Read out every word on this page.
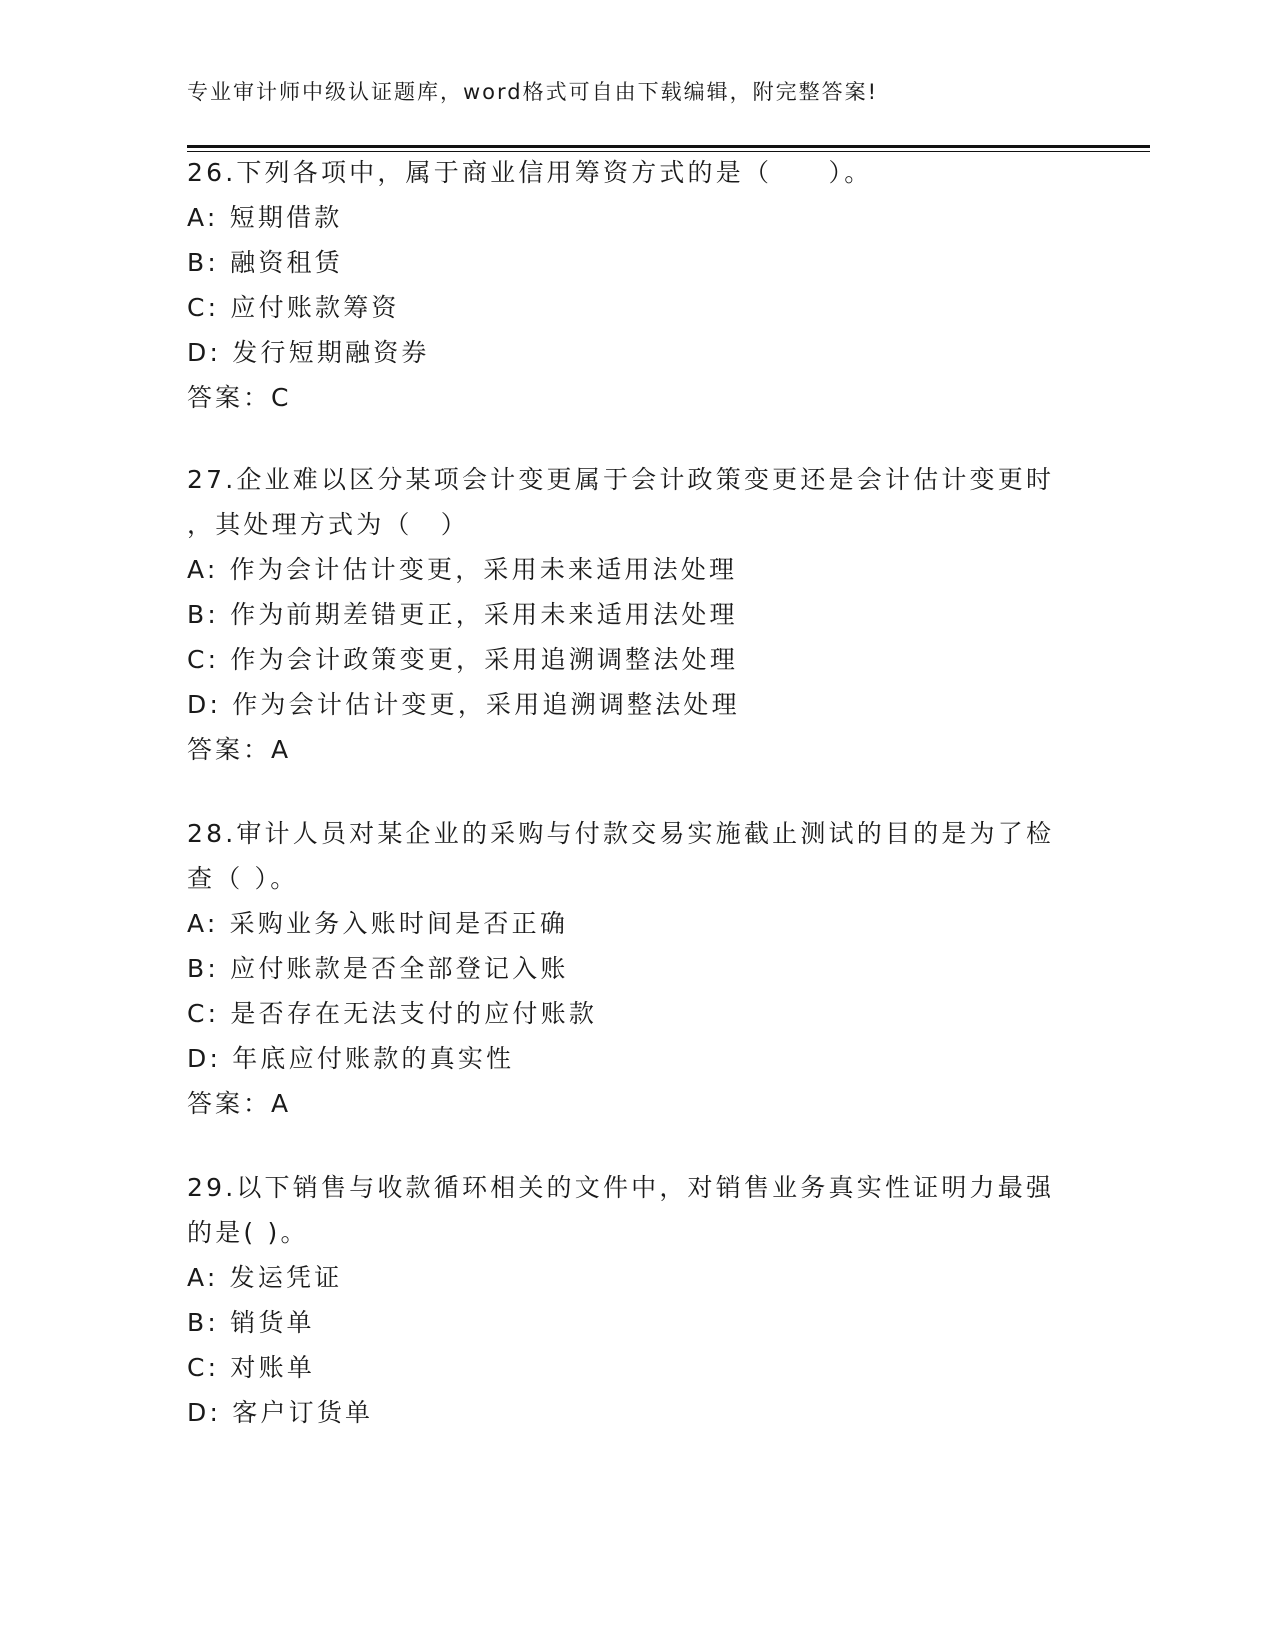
专业审计师中级认证题库，word格式可自由下载编辑，附完整答案!
26.下列各项中，属于商业信用筹资方式的是（　　）。
A: 短期借款
B: 融资租赁
C: 应付账款筹资
D: 发行短期融资券
答案：C
27.企业难以区分某项会计变更属于会计政策变更还是会计估计变更时
，其处理方式为（　）
A: 作为会计估计变更，采用未来适用法处理
B: 作为前期差错更正，采用未来适用法处理
C: 作为会计政策变更，采用追溯调整法处理
D: 作为会计估计变更，采用追溯调整法处理
答案：A
28.审计人员对某企业的采购与付款交易实施截止测试的目的是为了检
查（ ）。
A: 采购业务入账时间是否正确
B: 应付账款是否全部登记入账
C: 是否存在无法支付的应付账款
D: 年底应付账款的真实性
答案：A
29.以下销售与收款循环相关的文件中，对销售业务真实性证明力最强
的是( )。
A: 发运凭证
B: 销货单
C: 对账单
D: 客户订货单
